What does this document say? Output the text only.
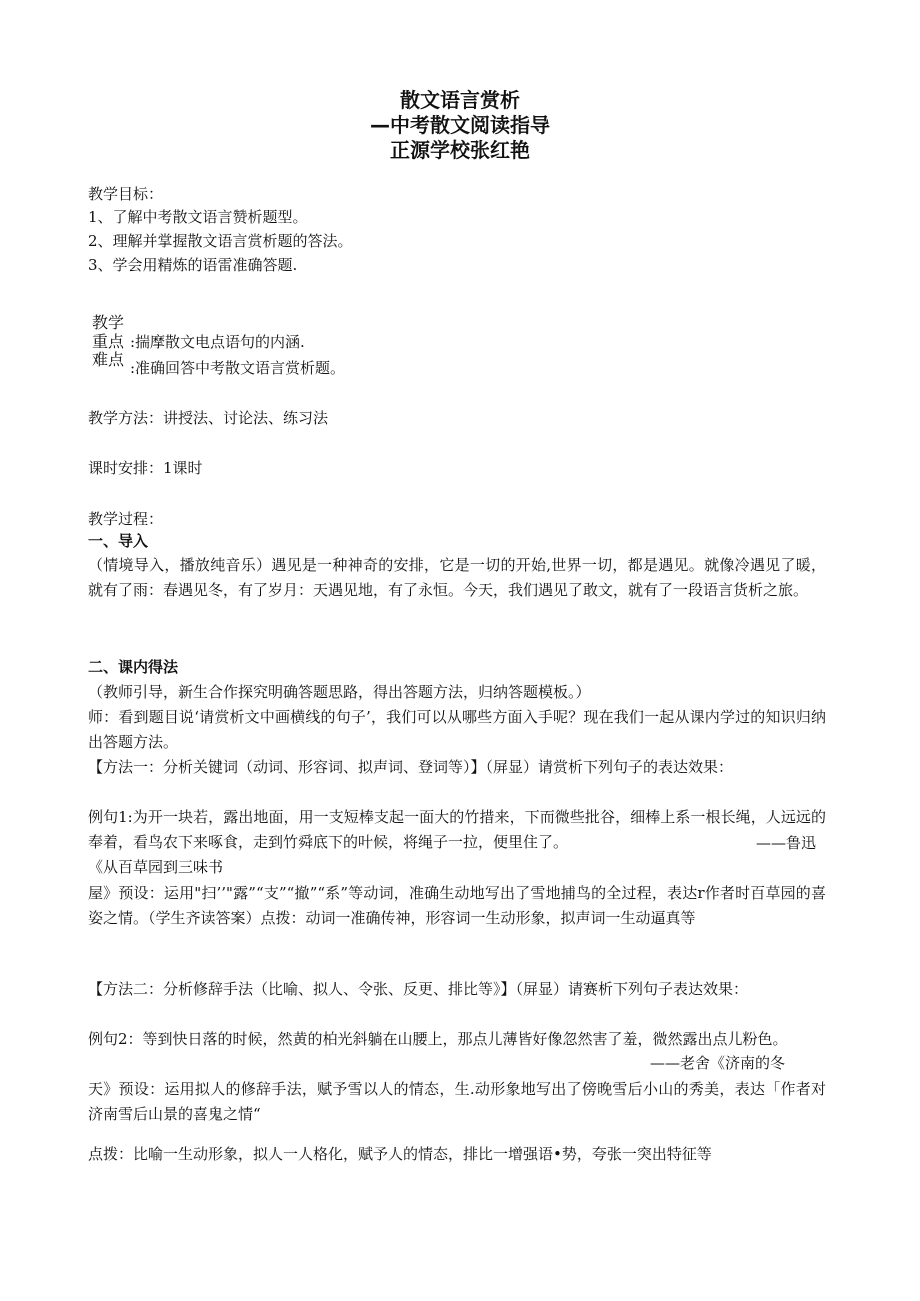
散文语言赏析
—中考散文阅读指导
正源学校张红艳
教学目标：
1、了解中考散文语言赞析题型。
2、理解并掌握散文语言赏析题的答法。
3、学会用精炼的语雷准确答题.
教学
重点 :揣摩散文电点语句的内涵.
难点 :准确回答中考散文语言赏析题。
教学方法：讲授法、讨论法、练习法
课时安排：1课时
教学过程：
一、导入
（情境导入，播放纯音乐）遇见是一种神奇的安排，它是一切的开始,世界一切，都是遇见。就像冷遇见了暖，就有了雨：春遇见冬，有了岁月：天遇见地，有了永恒。今天，我们遇见了敢文，就有了一段语言货析之旅。
二、课内得法
（教师引导，新生合作探究明确答题思路，得出答题方法，归纳答题模板。）
师：看到题目说‘请赏析文中画横线的句子’，我们可以从哪些方面入手呢？现在我们一起从课内学过的知识归纳出答题方法。
【方法一：分析关键词（动词、形容词、拟声词、登词等）】（屏显）请赏析下列句子的表达效果：
例句1:为开一块若，露出地面，用一支短棒支起一面大的竹措来，下而微些批谷，细棒上系一根长绳，人远远的奉着，看鸟农下来啄食，走到竹舜底下的叶候，将绳子一拉，便里住了。	——鲁迅
《从百草园到三味书
屋》预设：运用"扫’’"露”“支”“撤”“系”等动词，准确生动地写出了雪地捕鸟的全过程，表达r作者时百草园的喜姿之情。（学生齐读答案）点拨：动词一准确传神，形容词一生动形象，拟声词一生动逼真等
【方法二：分析修辞手法（比喻、拟人、令张、反更、排比等》】（屏显）请赛析下列句子表达效果：
例句2：等到快日落的时候，然黄的柏光斜躺在山腰上，那点儿薄皆好像忽然害了羞，微然露出点儿粉色。
——老舍《济南的冬
天》预设：运用拟人的修辞手法，赋予雪以人的情态，生.动形象地写出了傍晚雪后小山的秀美，表达「作者对济南雪后山景的喜鬼之情“
点拨：比喻一生动形象，拟人一人格化，赋予人的情态，排比一增强语•势，夸张一突出特征等
